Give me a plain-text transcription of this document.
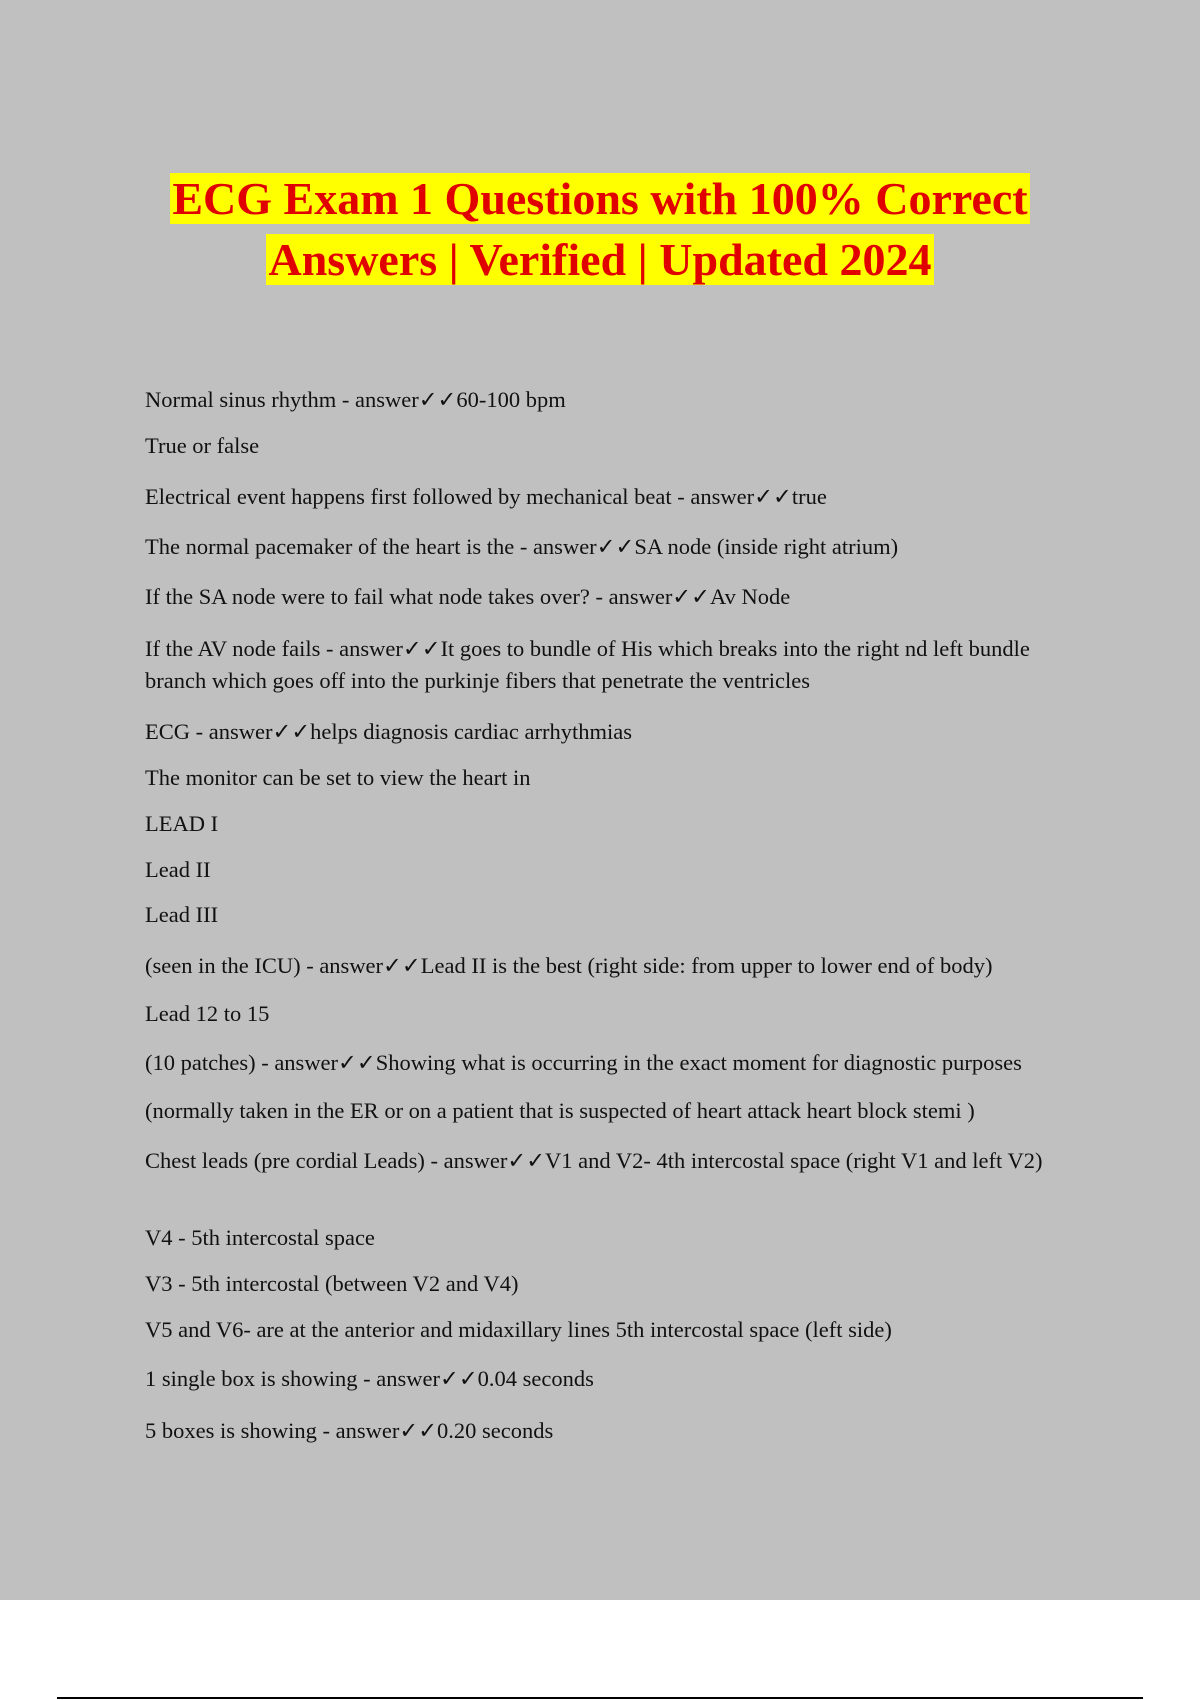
ECG Exam 1 Questions with 100% Correct
Answers | Verified | Updated 2024

Normal sinus rhythm - answer✓✓60-100 bpm

True or false

Electrical event happens first followed by mechanical beat - answer✓✓true

The normal pacemaker of the heart is the - answer✓✓SA node (inside right atrium)

If the SA node were to fail what node takes over? - answer✓✓Av Node

If the AV node fails - answer✓✓It goes to bundle of His which breaks into the right nd left bundle branch which goes off into the purkinje fibers that penetrate the ventricles

ECG - answer✓✓helps diagnosis cardiac arrhythmias

The monitor can be set to view the heart in

LEAD I

Lead II

Lead III

(seen in the ICU) - answer✓✓Lead II is the best (right side: from upper to lower end of body)

Lead 12 to 15

(10 patches) - answer✓✓Showing what is occurring in the exact moment for diagnostic purposes

(normally taken in the ER or on a patient that is suspected of heart attack heart block stemi )

Chest leads (pre cordial Leads) - answer✓✓V1 and V2- 4th intercostal space (right V1 and left V2)

V4 - 5th intercostal space

V3 - 5th intercostal (between V2 and V4)

V5 and V6- are at the anterior and midaxillary lines 5th intercostal space (left side)

1 single box is showing - answer✓✓0.04 seconds

5 boxes is showing - answer✓✓0.20 seconds
